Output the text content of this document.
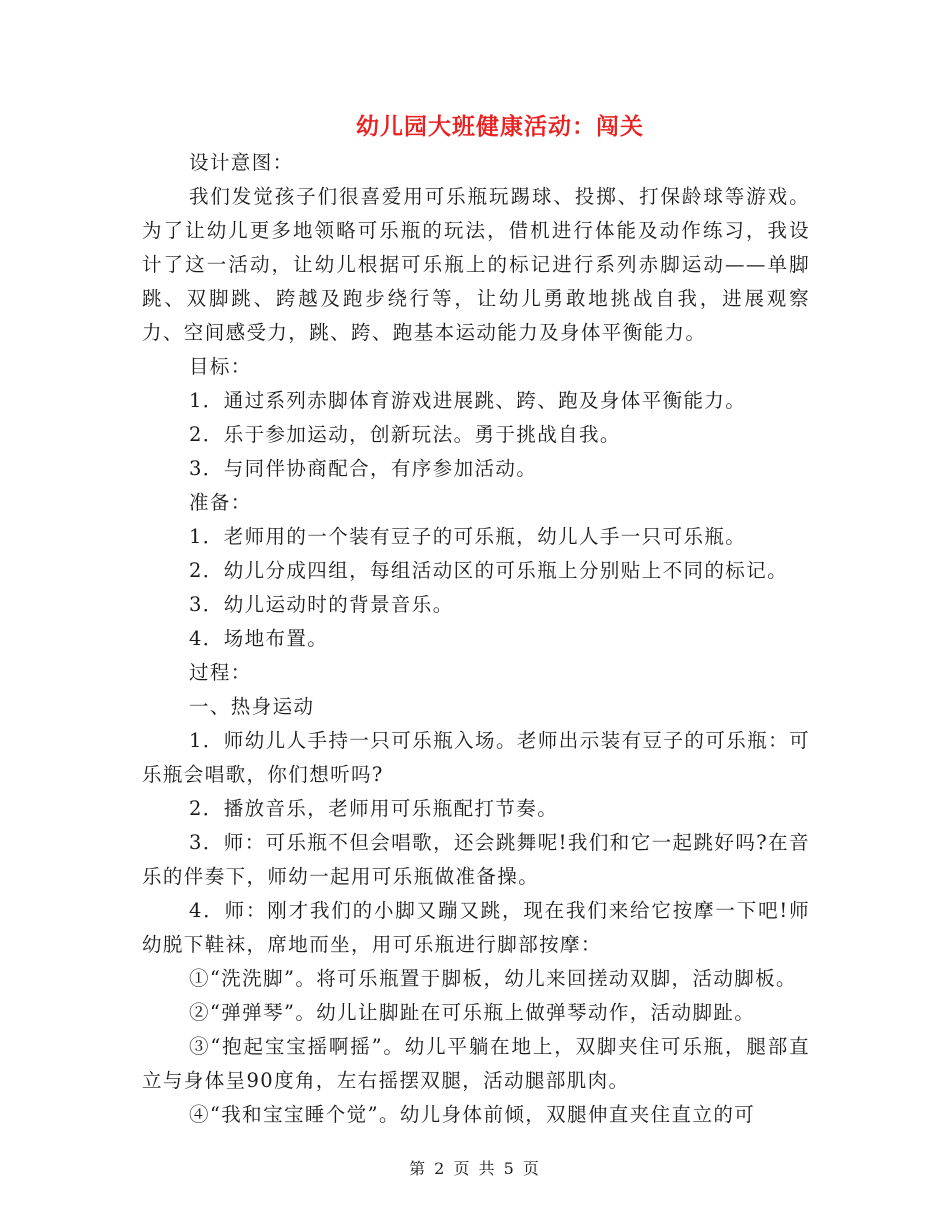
幼儿园大班健康活动：闯关

设计意图：

我们发觉孩子们很喜爱用可乐瓶玩踢球、投掷、打保龄球等游戏。为了让幼儿更多地领略可乐瓶的玩法，借机进行体能及动作练习，我设计了这一活动，让幼儿根据可乐瓶上的标记进行系列赤脚运动——单脚跳、双脚跳、跨越及跑步绕行等，让幼儿勇敢地挑战自我，进展观察力、空间感受力，跳、跨、跑基本运动能力及身体平衡能力。

目标：

1．通过系列赤脚体育游戏进展跳、跨、跑及身体平衡能力。

2．乐于参加运动，创新玩法。勇于挑战自我。

3．与同伴协商配合，有序参加活动。

准备：

1．老师用的一个装有豆子的可乐瓶，幼儿人手一只可乐瓶。

2．幼儿分成四组，每组活动区的可乐瓶上分别贴上不同的标记。

3．幼儿运动时的背景音乐。

4．场地布置。

过程：

一、热身运动

1．师幼儿人手持一只可乐瓶入场。老师出示装有豆子的可乐瓶：可乐瓶会唱歌，你们想听吗?

2．播放音乐，老师用可乐瓶配打节奏。

3．师：可乐瓶不但会唱歌，还会跳舞呢!我们和它一起跳好吗?在音乐的伴奏下，师幼一起用可乐瓶做准备操。

4．师：刚才我们的小脚又蹦又跳，现在我们来给它按摩一下吧!师幼脱下鞋袜，席地而坐，用可乐瓶进行脚部按摩：

①“洗洗脚”。将可乐瓶置于脚板，幼儿来回搓动双脚，活动脚板。

②“弹弹琴”。幼儿让脚趾在可乐瓶上做弹琴动作，活动脚趾。

③“抱起宝宝摇啊摇”。幼儿平躺在地上，双脚夹住可乐瓶，腿部直立与身体呈90度角，左右摇摆双腿，活动腿部肌肉。

④“我和宝宝睡个觉”。幼儿身体前倾，双腿伸直夹住直立的可

第 2 页 共 5 页
